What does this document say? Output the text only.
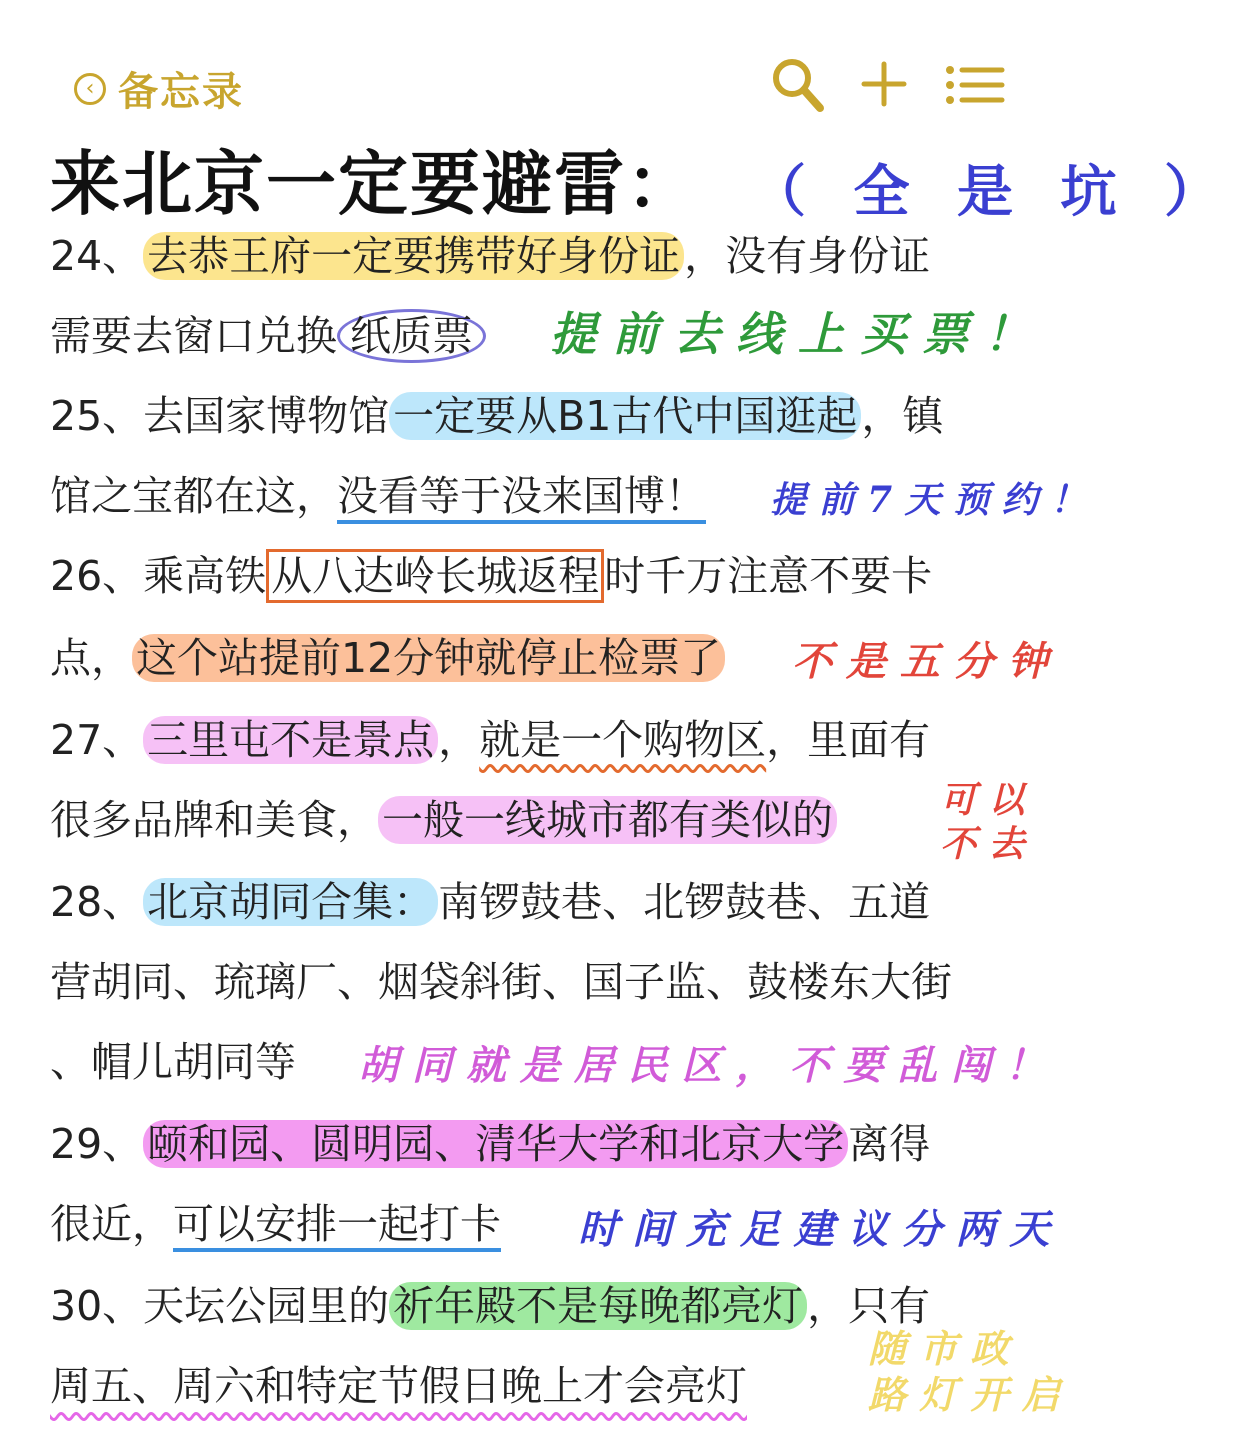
‹ 备忘录
来北京一定要避雷： （ 全 是 坑 ）
24、去恭王府一定要携带好身份证，没有身份证
需要去窗口兑换 纸质票 提 前 去 线 上 买 票 ！
25、去国家博物馆一定要从B1古代中国逛起，镇
馆之宝都在这，没看等于没来国博！ 提 前 7 天 预 约 ！
26、乘高铁 从八达岭长城返程 时千万注意不要卡
点，这个站提前12分钟就停止检票了 不 是 五 分 钟
27、三里屯不是景点，就是一个购物区，里面有
很多品牌和美食，一般一线城市都有类似的	可 以
不 去
28、北京胡同合集：南锣鼓巷、北锣鼓巷、五道
营胡同、琉璃厂、烟袋斜街、国子监、鼓楼东大街
、帽儿胡同等 胡 同 就 是 居 民 区 ， 不 要 乱 闯 ！
29、颐和园、圆明园、清华大学和北京大学离得
很近，可以安排一起打卡 时 间 充 足 建 议 分 两 天
30、天坛公园里的祈年殿不是每晚都亮灯，只有
周五、周六和特定节假日晚上才会亮灯
随 市 政
路 灯 开 启
